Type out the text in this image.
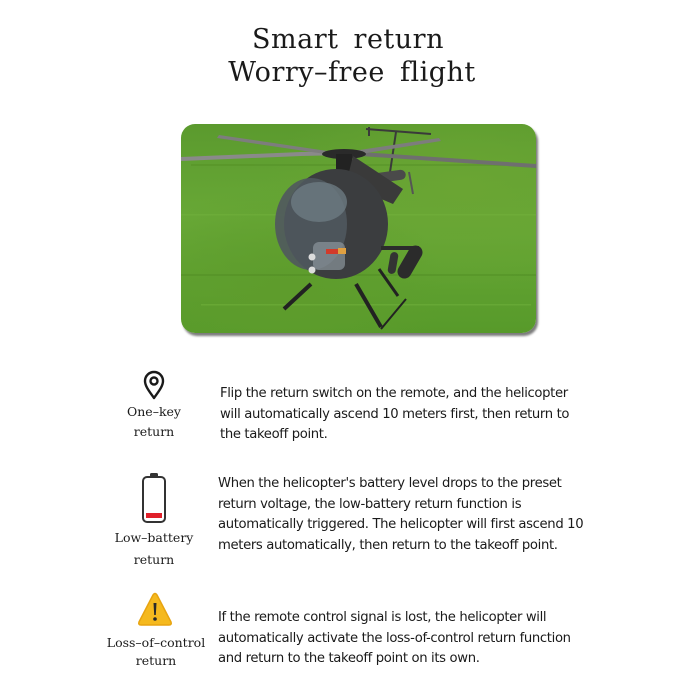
Smart return
Worry–free flight
One–key
return
Flip the return switch on the remote, and the helicopter will automatically ascend 10 meters first, then return to the takeoff point.
Low–battery
return
When the helicopter's battery level drops to the preset return voltage, the low-battery return function is automatically triggered. The helicopter will first ascend 10 meters automatically, then return to the takeoff point.
Loss–of–control
return
If the remote control signal is lost, the helicopter will automatically activate the loss-of-control return function and return to the takeoff point on its own.
